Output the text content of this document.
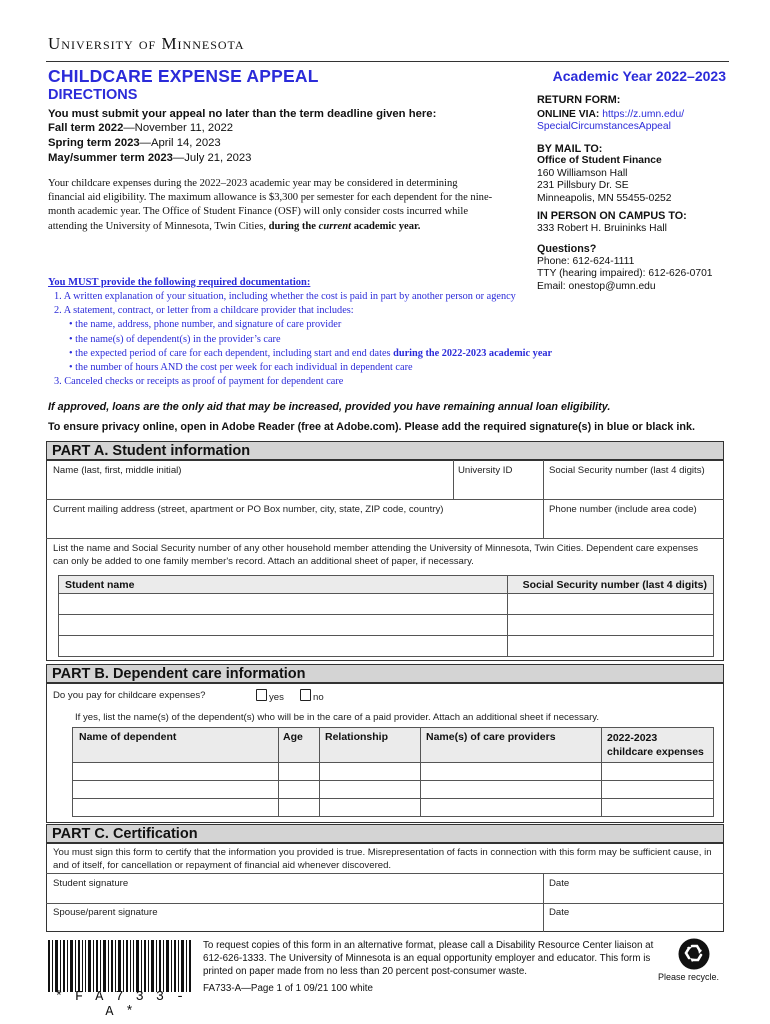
University of Minnesota
CHILDCARE EXPENSE APPEAL	Academic Year 2022–2023
DIRECTIONS
You must submit your appeal no later than the term deadline given here:
Fall term 2022—November 11, 2022
Spring term 2023—April 14, 2023
May/summer term 2023—July 21, 2023
Your childcare expenses during the 2022–2023 academic year may be considered in determining financial aid eligibility. The maximum allowance is $3,300 per semester for each dependent for the nine-month academic year. The Office of Student Finance (OSF) will only consider costs incurred while attending the University of Minnesota, Twin Cities, during the current academic year.
RETURN FORM:
ONLINE VIA: https://z.umn.edu/
SpecialCircumstancesAppeal
BY MAIL TO:
Office of Student Finance
160 Williamson Hall
231 Pillsbury Dr. SE
Minneapolis, MN 55455-0252
IN PERSON ON CAMPUS TO:
333 Robert H. Bruininks Hall
Questions?
Phone: 612-624-1111
TTY (hearing impaired): 612-626-0701
Email: onestop@umn.edu
You MUST provide the following required documentation:
1. A written explanation of your situation, including whether the cost is paid in part by another person or agency
2. A statement, contract, or letter from a childcare provider that includes:
• the name, address, phone number, and signature of care provider
• the name(s) of dependent(s) in the provider’s care
• the expected period of care for each dependent, including start and end dates during the 2022-2023 academic year
• the number of hours AND the cost per week for each individual in dependent care
3. Canceled checks or receipts as proof of payment for dependent care
If approved, loans are the only aid that may be increased, provided you have remaining annual loan eligibility.
To ensure privacy online, open in Adobe Reader (free at Adobe.com). Please add the required signature(s) in blue or black ink.
PART A. Student information
Name (last, first, middle initial)	University ID	Social Security number (last 4 digits)
Current mailing address (street, apartment or PO Box number, city, state, ZIP code, country)	Phone number (include area code)
List the name and Social Security number of any other household member attending the University of Minnesota, Twin Cities. Dependent care expenses can only be added to one family member's record. Attach an additional sheet of paper, if necessary.
Student name	Social Security number (last 4 digits)

PART B. Dependent care information
Do you pay for childcare expenses?	yes	no
If yes, list the name(s) of the dependent(s) who will be in the care of a paid provider. Attach an additional sheet if necessary.
Name of dependent	Age	Relationship	Name(s) of care providers	2022-2023
childcare expenses

PART C. Certification
You must sign this form to certify that the information you provided is true. Misrepresentation of facts in connection with this form may be sufficient cause, in and of itself, for cancellation or repayment of financial aid whenever discovered.
Student signature	Date
Spouse/parent signature	Date
* F A 7 3 3 - A *
To request copies of this form in an alternative format, please call a Disability Resource Center liaison at 612-626-1333. The University of Minnesota is an equal opportunity employer and educator. This form is printed on paper made from no less than 20 percent post-consumer waste.
FA733-A—Page 1 of 1 09/21 100 white
Please recycle.
